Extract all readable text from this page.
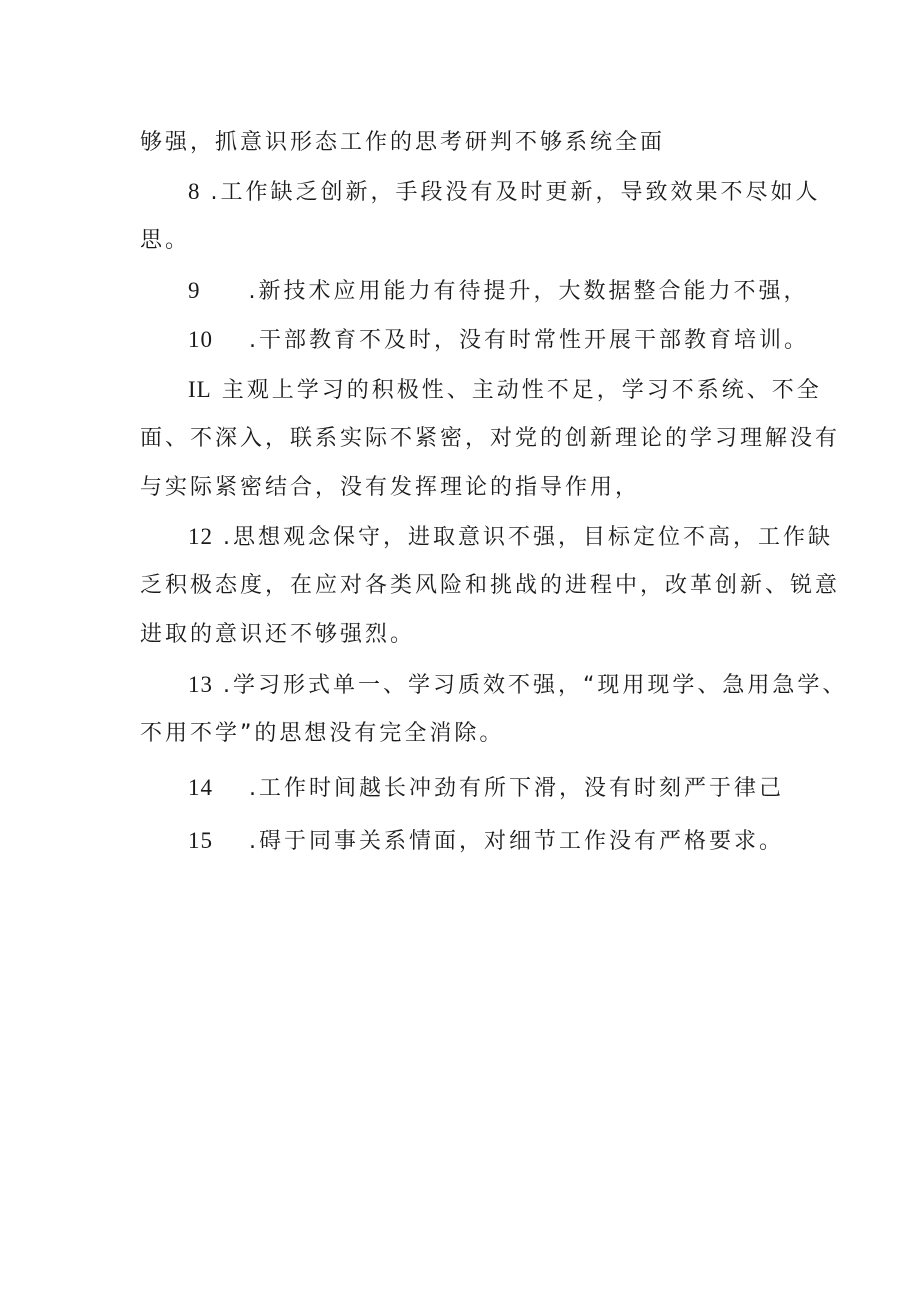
够强，抓意识形态工作的思考研判不够系统全面
8 .工作缺乏创新，手段没有及时更新，导致效果不尽如人
思。
9 .新技术应用能力有待提升，大数据整合能力不强，
10 .干部教育不及时，没有时常性开展干部教育培训。
IL 主观上学习的积极性、主动性不足，学习不系统、不全
面、不深入，联系实际不紧密，对党的创新理论的学习理解没有
与实际紧密结合，没有发挥理论的指导作用，
12 .思想观念保守，进取意识不强，目标定位不高，工作缺
乏积极态度，在应对各类风险和挑战的进程中，改革创新、锐意
进取的意识还不够强烈。
13 .学习形式单一、学习质效不强，“现用现学、急用急学、
不用不学”的思想没有完全消除。
14 .工作时间越长冲劲有所下滑，没有时刻严于律己
15 .碍于同事关系情面，对细节工作没有严格要求。
